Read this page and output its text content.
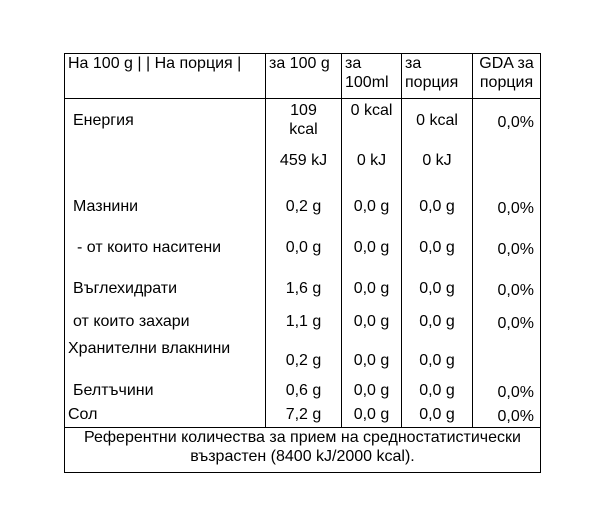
На 100 g | | На порция |	за 100 g	за 100ml	за порция	GDA за порция
Енергия	109 kcal	0 kcal	0 kcal	0,0%
	459 kJ	0 kJ	0 kJ	
Мазнини	0,2 g	0,0 g	0,0 g	0,0%
- от които наситени	0,0 g	0,0 g	0,0 g	0,0%
Въглехидрати	1,6 g	0,0 g	0,0 g	0,0%
от които захари	1,1 g	0,0 g	0,0 g	0,0%
Хранителни влакнини	0,2 g	0,0 g	0,0 g	
Белтъчини	0,6 g	0,0 g	0,0 g	0,0%
Сол	7,2 g	0,0 g	0,0 g	0,0%
Референтни количества за прием на средностатистически възрастен (8400 kJ/2000 kcal).				
